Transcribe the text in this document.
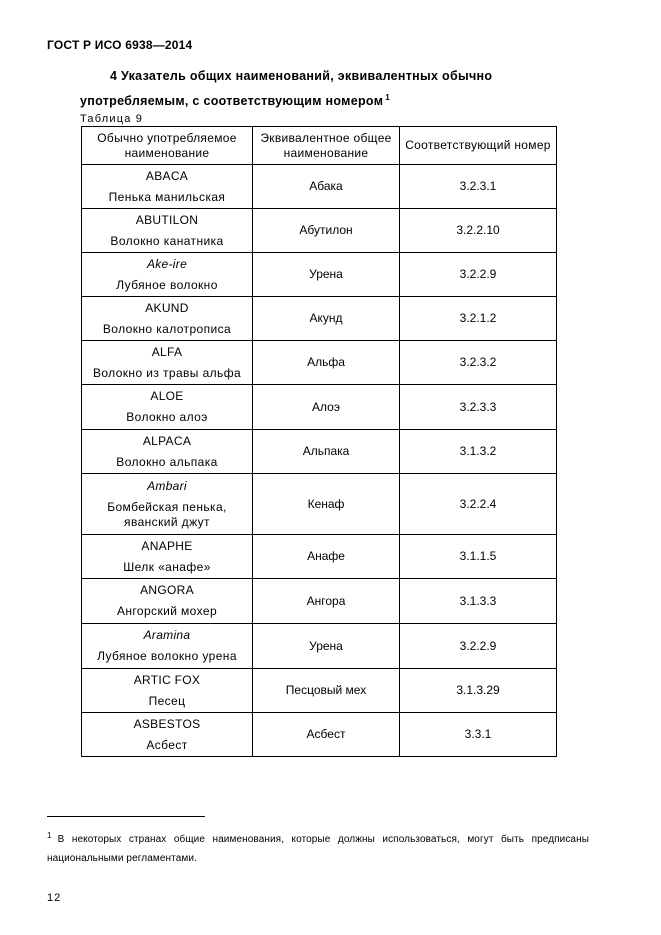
ГОСТ Р ИСО 6938—2014
4 Указатель общих наименований, эквивалентных обычно
употребляемым, с соответствующим номером $^1$
Таблица 9
Обычно употребляемое наименование	Эквивалентное общее наименование	Соответствующий номер

ABACA
Пенька манильская	Абака	3.2.3.1

ABUTILON
Волокно канатника	Абутилон	3.2.2.10

Ake-ire
Лубяное волокно	Урена	3.2.2.9

AKUND
Волокно калотрописа	Акунд	3.2.1.2

ALFA
Волокно из травы альфа	Альфа	3.2.3.2

ALOE
Волокно алоэ	Алоэ	3.2.3.3

ALPACA
Волокно альпака	Альпака	3.1.3.2

Ambari
Бомбейская пенька, яванский джут	Кенаф	3.2.2.4

ANAPHE
Шелк «анафе»	Анафе	3.1.1.5

ANGORA
Ангорский мохер	Ангора	3.1.3.3

Aramina
Лубяное волокно урена	Урена	3.2.2.9

ARTIC FOX
Песец	Песцовый мех	3.1.3.29

ASBESTOS
Асбест	Асбест	3.3.1
$^1$ В некоторых странах общие наименования, которые должны использоваться, могут быть предписаны национальными регламентами.
12
